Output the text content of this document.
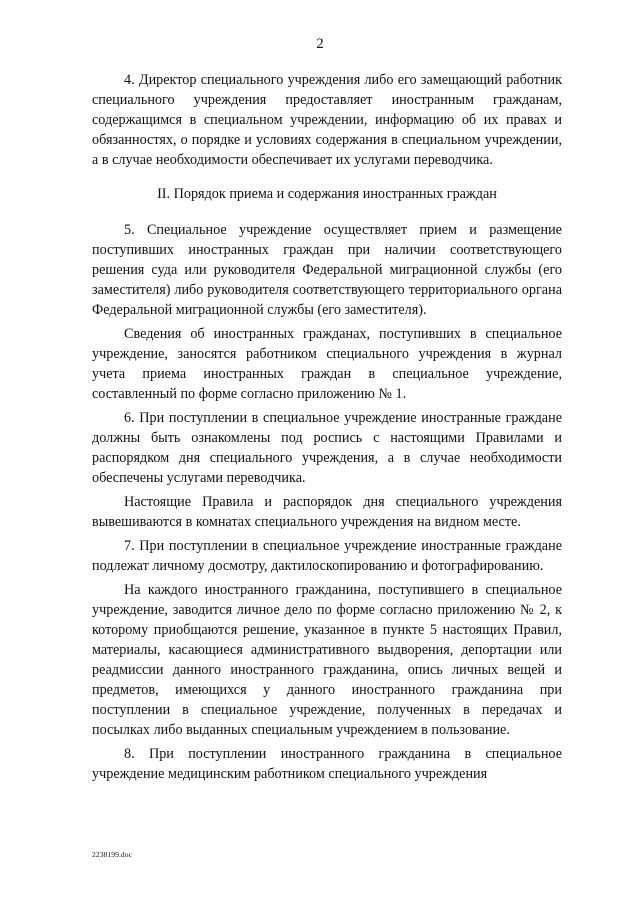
2

4. Директор специального учреждения либо его замещающий работник специального учреждения предоставляет иностранным гражданам, содержащимся в специальном учреждении, информацию об их правах и обязанностях, о порядке и условиях содержания в специальном учреждении, а в случае необходимости обеспечивает их услугами переводчика.

II. Порядок приема и содержания иностранных граждан

5. Специальное учреждение осуществляет прием и размещение поступивших иностранных граждан при наличии соответствующего решения суда или руководителя Федеральной миграционной службы (его заместителя) либо руководителя соответствующего территориального органа Федеральной миграционной службы (его заместителя).

Сведения об иностранных гражданах, поступивших в специальное учреждение, заносятся работником специального учреждения в журнал учета приема иностранных граждан в специальное учреждение, составленный по форме согласно приложению № 1.

6. При поступлении в специальное учреждение иностранные граждане должны быть ознакомлены под роспись с настоящими Правилами и распорядком дня специального учреждения, а в случае необходимости обеспечены услугами переводчика.

Настоящие Правила и распорядок дня специального учреждения вывешиваются в комнатах специального учреждения на видном месте.

7. При поступлении в специальное учреждение иностранные граждане подлежат личному досмотру, дактилоскопированию и фотографированию.

На каждого иностранного гражданина, поступившего в специальное учреждение, заводится личное дело по форме согласно приложению № 2, к которому приобщаются решение, указанное в пункте 5 настоящих Правил, материалы, касающиеся административного выдворения, депортации или реадмиссии данного иностранного гражданина, опись личных вещей и предметов, имеющихся у данного иностранного гражданина при поступлении в специальное учреждение, полученных в передачах и посылках либо выданных специальным учреждением в пользование.

8. При поступлении иностранного гражданина в специальное учреждение медицинским работником специального учреждения

2238199.doc
